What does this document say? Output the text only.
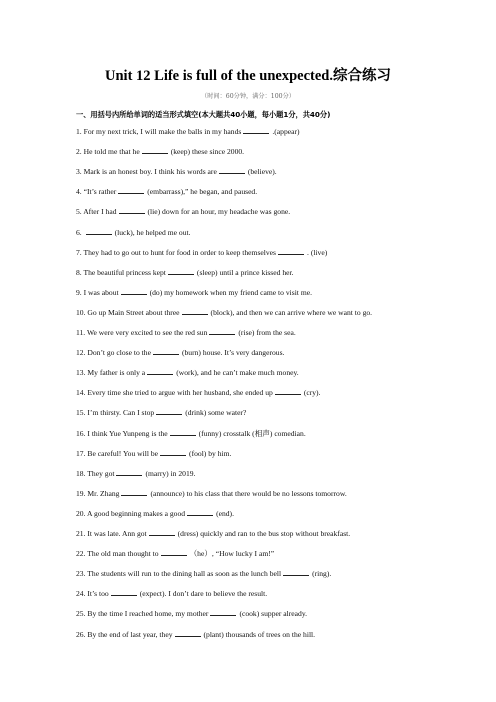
Unit 12 Life is full of the unexpected.综合练习
（时间：60分钟，满分：100分）
一、用括号内所给单词的适当形式填空(本大题共40小题，每小题1分，共40分)
1. For my next trick, I will make the balls in my hands	.(appear)
2. He told me that he	(keep) these since 2000.
3. Mark is an honest boy. I think his words are	(believe).
4. “It’s rather	(embarrass),” he began, and paused.
5. After I had	(lie) down for an hour, my headache was gone.
6.	(luck), he helped me out.
7. They had to go out to hunt for food in order to keep themselves	. (live)
8. The beautiful princess kept	(sleep) until a prince kissed her.
9. I was about	(do) my homework when my friend came to visit me.
10. Go up Main Street about three	(block), and then we can arrive where we want to go.
11. We were very excited to see the red sun	(rise) from the sea.
12. Don’t go close to the	(burn) house. It’s very dangerous.
13. My father is only a	(work), and he can’t make much money.
14. Every time she tried to argue with her husband, she ended up	(cry).
15. I’m thirsty. Can I stop	(drink) some water?
16. I think Yue Yunpeng is the	(funny) crosstalk (相声) comedian.
17. Be careful! You will be	(fool) by him.
18. They got	(marry) in 2019.
19. Mr. Zhang	(announce) to his class that there would be no lessons tomorrow.
20. A good beginning makes a good	(end).
21. It was late. Ann got	(dress) quickly and ran to the bus stop without breakfast.
22. The old man thought to	（he）, “How lucky I am!”
23. The students will run to the dining hall as soon as the lunch bell	(ring).
24. It’s too	(expect). I don’t dare to believe the result.
25. By the time I reached home, my mother	(cook) supper already.
26. By the end of last year, they	(plant) thousands of trees on the hill.
